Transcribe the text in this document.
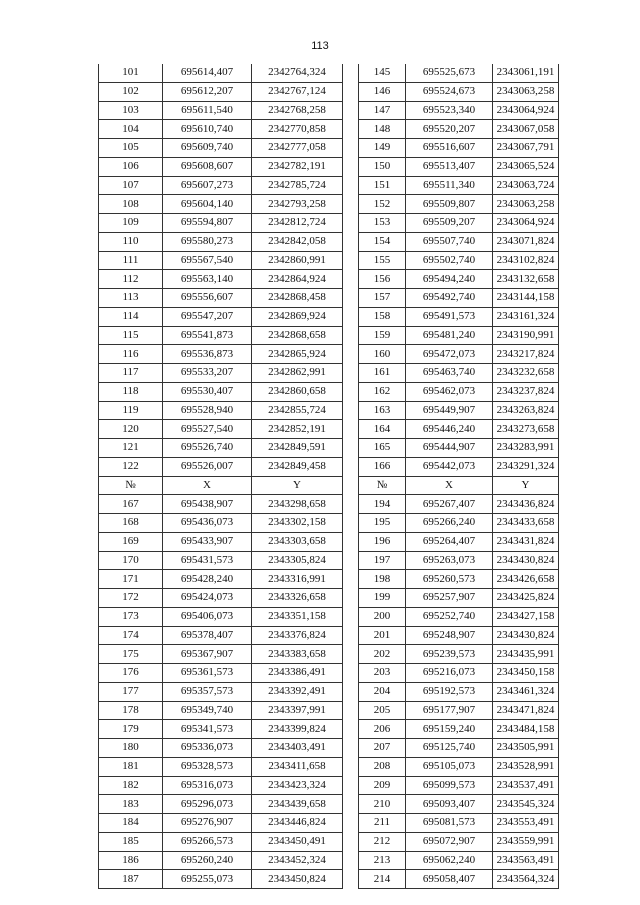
113
101	695614,407	2342764,324		145	695525,673	2343061,191
102	695612,207	2342767,124		146	695524,673	2343063,258
103	695611,540	2342768,258		147	695523,340	2343064,924
104	695610,740	2342770,858		148	695520,207	2343067,058
105	695609,740	2342777,058		149	695516,607	2343067,791
106	695608,607	2342782,191		150	695513,407	2343065,524
107	695607,273	2342785,724		151	695511,340	2343063,724
108	695604,140	2342793,258		152	695509,807	2343063,258
109	695594,807	2342812,724		153	695509,207	2343064,924
110	695580,273	2342842,058		154	695507,740	2343071,824
111	695567,540	2342860,991		155	695502,740	2343102,824
112	695563,140	2342864,924		156	695494,240	2343132,658
113	695556,607	2342868,458		157	695492,740	2343144,158
114	695547,207	2342869,924		158	695491,573	2343161,324
115	695541,873	2342868,658		159	695481,240	2343190,991
116	695536,873	2342865,924		160	695472,073	2343217,824
117	695533,207	2342862,991		161	695463,740	2343232,658
118	695530,407	2342860,658		162	695462,073	2343237,824
119	695528,940	2342855,724		163	695449,907	2343263,824
120	695527,540	2342852,191		164	695446,240	2343273,658
121	695526,740	2342849,591		165	695444,907	2343283,991
122	695526,007	2342849,458		166	695442,073	2343291,324
№	X	Y		№	X	Y
167	695438,907	2343298,658		194	695267,407	2343436,824
168	695436,073	2343302,158		195	695266,240	2343433,658
169	695433,907	2343303,658		196	695264,407	2343431,824
170	695431,573	2343305,824		197	695263,073	2343430,824
171	695428,240	2343316,991		198	695260,573	2343426,658
172	695424,073	2343326,658		199	695257,907	2343425,824
173	695406,073	2343351,158		200	695252,740	2343427,158
174	695378,407	2343376,824		201	695248,907	2343430,824
175	695367,907	2343383,658		202	695239,573	2343435,991
176	695361,573	2343386,491		203	695216,073	2343450,158
177	695357,573	2343392,491		204	695192,573	2343461,324
178	695349,740	2343397,991		205	695177,907	2343471,824
179	695341,573	2343399,824		206	695159,240	2343484,158
180	695336,073	2343403,491		207	695125,740	2343505,991
181	695328,573	2343411,658		208	695105,073	2343528,991
182	695316,073	2343423,324		209	695099,573	2343537,491
183	695296,073	2343439,658		210	695093,407	2343545,324
184	695276,907	2343446,824		211	695081,573	2343553,491
185	695266,573	2343450,491		212	695072,907	2343559,991
186	695260,240	2343452,324		213	695062,240	2343563,491
187	695255,073	2343450,824		214	695058,407	2343564,324
